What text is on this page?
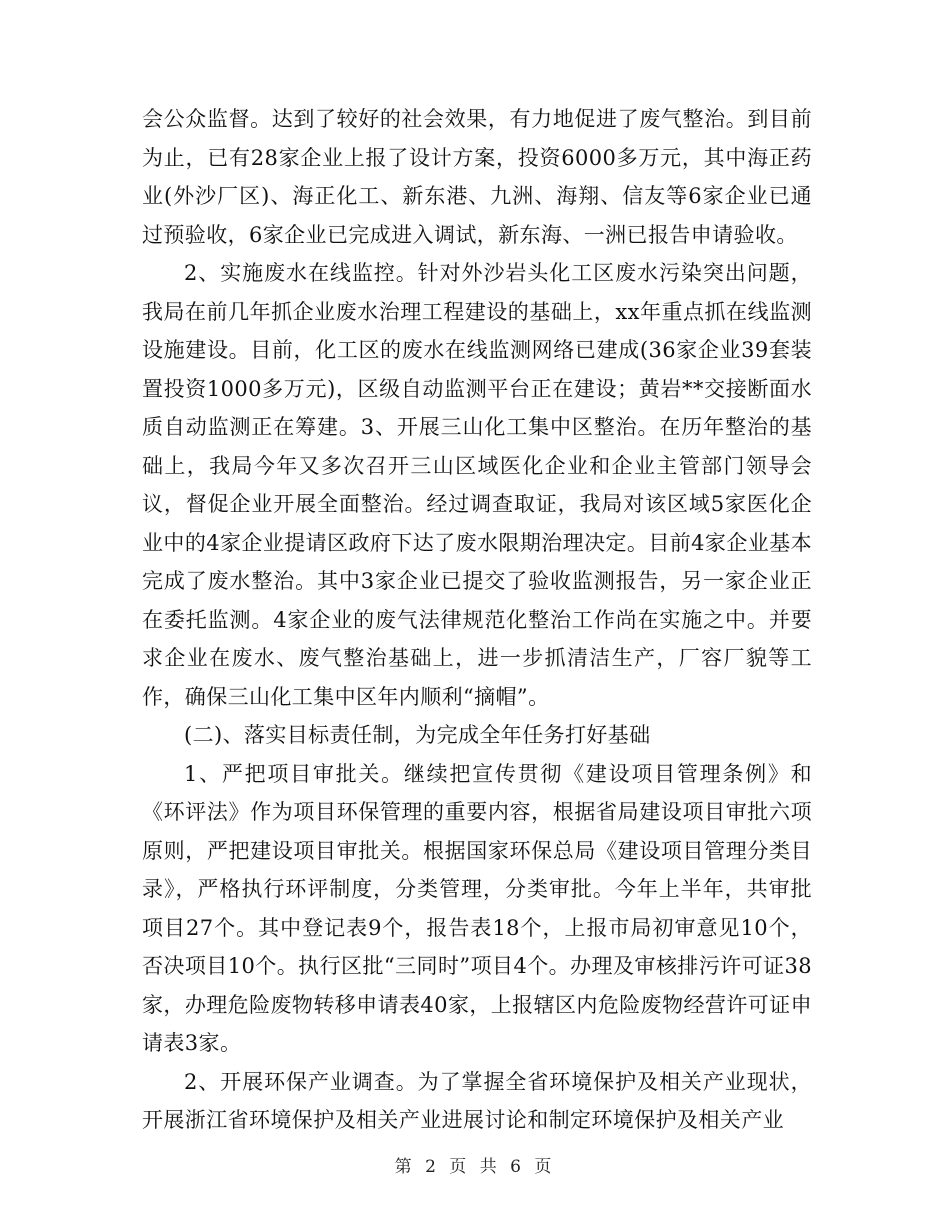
会公众监督。达到了较好的社会效果，有力地促进了废气整治。到目前为止，已有28家企业上报了设计方案，投资6000多万元，其中海正药业(外沙厂区)、海正化工、新东港、九洲、海翔、信友等6家企业已通过预验收，6家企业已完成进入调试，新东海、一洲已报告申请验收。

2、实施废水在线监控。针对外沙岩头化工区废水污染突出问题，我局在前几年抓企业废水治理工程建设的基础上，xx年重点抓在线监测设施建设。目前，化工区的废水在线监测网络已建成(36家企业39套装置投资1000多万元)，区级自动监测平台正在建设；黄岩**交接断面水质自动监测正在筹建。3、开展三山化工集中区整治。在历年整治的基础上，我局今年又多次召开三山区域医化企业和企业主管部门领导会议，督促企业开展全面整治。经过调查取证，我局对该区域5家医化企业中的4家企业提请区政府下达了废水限期治理决定。目前4家企业基本完成了废水整治。其中3家企业已提交了验收监测报告，另一家企业正在委托监测。4家企业的废气法律规范化整治工作尚在实施之中。并要求企业在废水、废气整治基础上，进一步抓清洁生产，厂容厂貌等工作，确保三山化工集中区年内顺利“摘帽”。

(二)、落实目标责任制，为完成全年任务打好基础

1、严把项目审批关。继续把宣传贯彻《建设项目管理条例》和《环评法》作为项目环保管理的重要内容，根据省局建设项目审批六项原则，严把建设项目审批关。根据国家环保总局《建设项目管理分类目录》，严格执行环评制度，分类管理，分类审批。今年上半年，共审批项目27个。其中登记表9个，报告表18个，上报市局初审意见10个，否决项目10个。执行区批“三同时”项目4个。办理及审核排污许可证38家，办理危险废物转移申请表40家，上报辖区内危险废物经营许可证申请表3家。

2、开展环保产业调查。为了掌握全省环境保护及相关产业现状，开展浙江省环境保护及相关产业进展讨论和制定环境保护及相关产业

第 2 页 共 6 页
